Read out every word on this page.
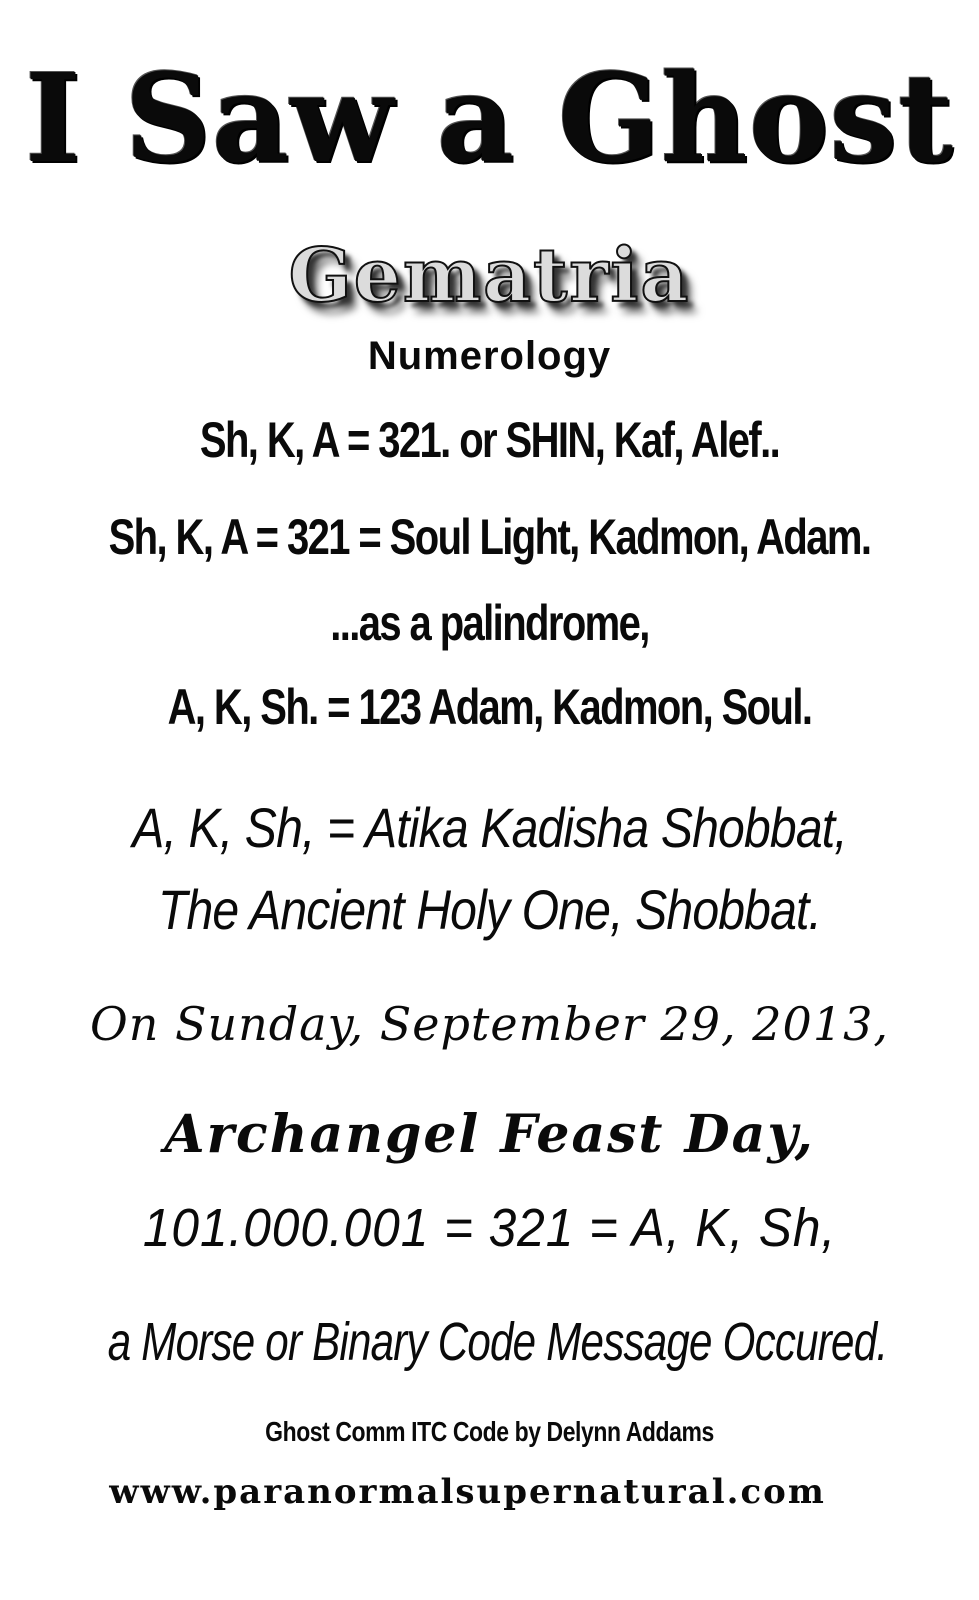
I Saw a Ghost
Gematria
Numerology
Sh, K, A = 321. or SHIN, Kaf, Alef..
Sh, K, A = 321 = Soul Light, Kadmon, Adam.
...as a palindrome,
A, K, Sh. = 123 Adam, Kadmon, Soul.
A, K, Sh, = Atika Kadisha Shobbat,
The Ancient Holy One, Shobbat.
On Sunday, September 29, 2013,
Archangel Feast Day,
101.000.001 = 321 = A, K, Sh,
a Morse or Binary Code Message Occured.
Ghost Comm ITC Code by Delynn Addams
www.paranormalsupernatural.com
